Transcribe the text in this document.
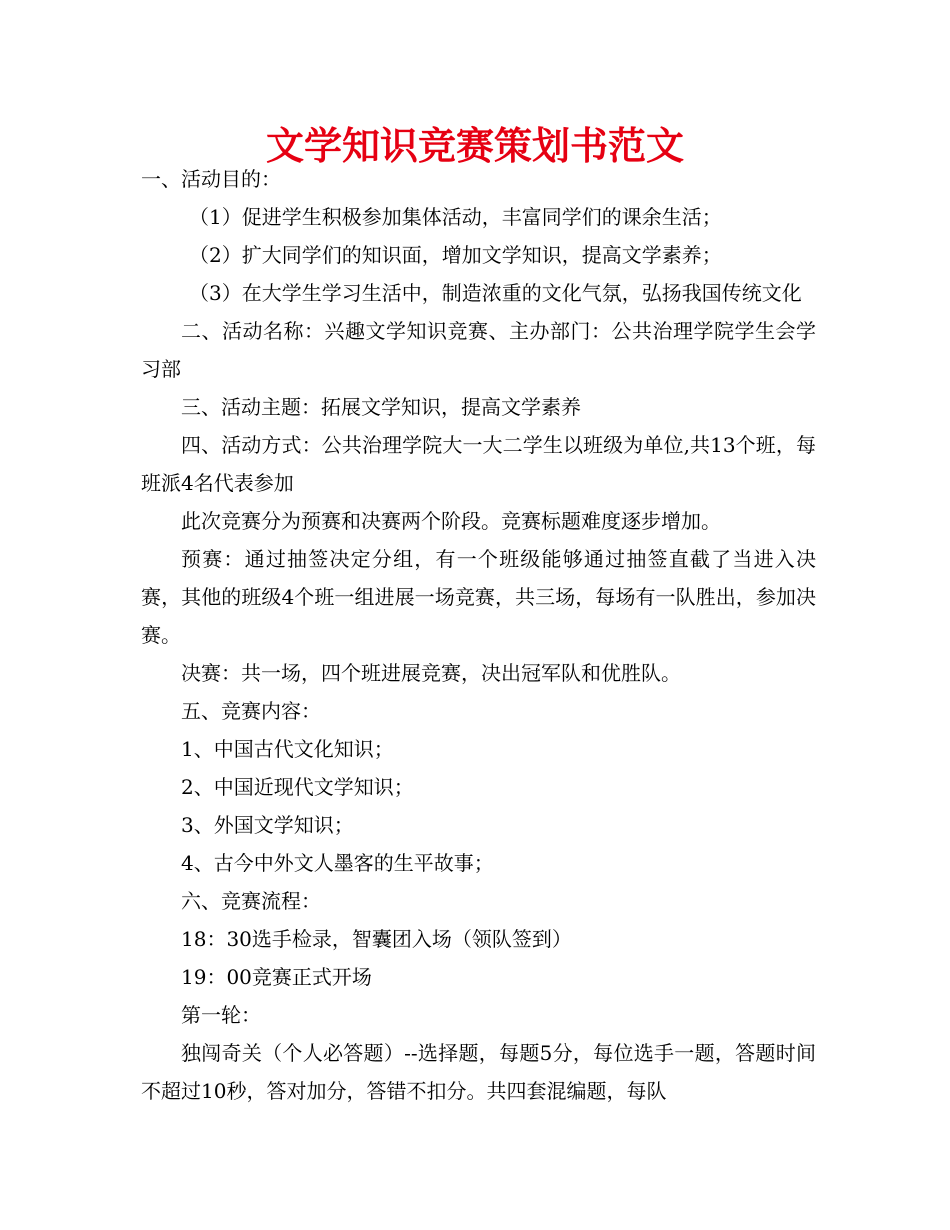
文学知识竞赛策划书范文

一、活动目的：

（1）促进学生积极参加集体活动，丰富同学们的课余生活；

（2）扩大同学们的知识面，增加文学知识，提高文学素养；

（3）在大学生学习生活中，制造浓重的文化气氛，弘扬我国传统文化

二、活动名称：兴趣文学知识竞赛、主办部门：公共治理学院学生会学习部

三、活动主题：拓展文学知识，提高文学素养

四、活动方式：公共治理学院大一大二学生以班级为单位,共13个班，每班派4名代表参加

此次竞赛分为预赛和决赛两个阶段。竞赛标题难度逐步增加。

预赛：通过抽签决定分组，有一个班级能够通过抽签直截了当进入决赛，其他的班级4个班一组进展一场竞赛，共三场，每场有一队胜出，参加决赛。

决赛：共一场，四个班进展竞赛，决出冠军队和优胜队。

五、竞赛内容：

1、中国古代文化知识；

2、中国近现代文学知识；

3、外国文学知识；

4、古今中外文人墨客的生平故事；

六、竞赛流程：

18：30选手检录，智囊团入场（领队签到）

19：00竞赛正式开场

第一轮：

独闯奇关（个人必答题）--选择题，每题5分，每位选手一题，答题时间不超过10秒，答对加分，答错不扣分。共四套混编题，每队
